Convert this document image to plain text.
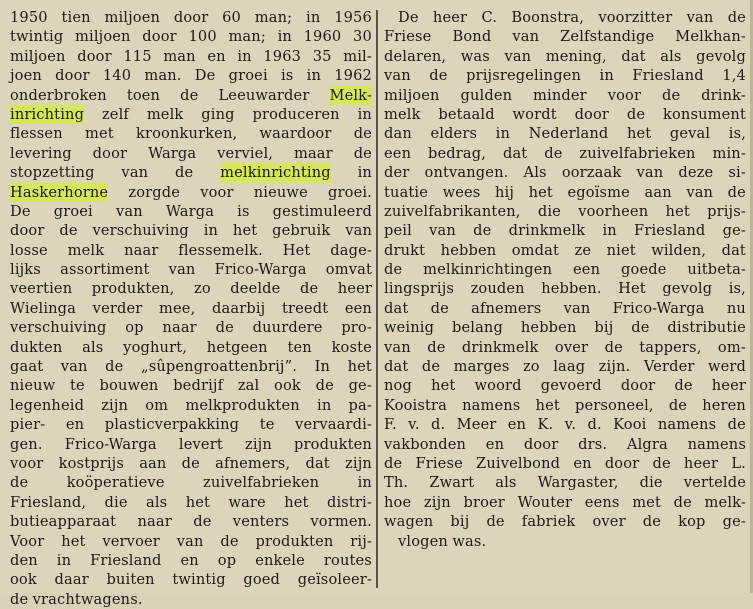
1950 tien miljoen door 60 man; in 1956
twintig miljoen door 100 man; in 1960 30
miljoen door 115 man en in 1963 35 mil-
joen door 140 man. De groei is in 1962
onderbroken toen de Leeuwarder Melk-
inrichting zelf melk ging produceren in
flessen met kroonkurken, waardoor de
levering door Warga verviel, maar de
stopzetting van de melkinrichting in
Haskerhorne zorgde voor nieuwe groei.
De groei van Warga is gestimuleerd
door de verschuiving in het gebruik van
losse melk naar flessemelk. Het dage-
lijks assortiment van Frico-Warga omvat
veertien produkten, zo deelde de heer
Wielinga verder mee, daarbij treedt een
verschuiving op naar de duurdere pro-
dukten als yoghurt, hetgeen ten koste
gaat van de „sûpengroattenbrij”. In het
nieuw te bouwen bedrijf zal ook de ge-
legenheid zijn om melkprodukten in pa-
pier- en plasticverpakking te vervaardi-
gen. Frico-Warga levert zijn produkten
voor kostprijs aan de afnemers, dat zijn
de	koöperatieve	zuivelfabrieken	in
Friesland, die als het ware het distri-
butieapparaat naar de venters vormen.
Voor het vervoer van de produkten rij-
den in Friesland en op enkele routes
ook daar buiten twintig goed geïsoleer-
de vrachtwagens.
De heer C. Boonstra, voorzitter van de
Friese Bond van Zelfstandige Melkhan-
delaren, was van mening, dat als gevolg
van de prijsregelingen in Friesland 1,4
miljoen gulden minder voor de drink-
melk betaald wordt door de konsument
dan elders in Nederland het geval is,
een bedrag, dat de zuivelfabrieken min-
der ontvangen. Als oorzaak van deze si-
tuatie wees hij het egoïsme aan van de
zuivelfabrikanten, die voorheen het prijs-
peil van de drinkmelk in Friesland ge-
drukt hebben omdat ze niet wilden, dat
de melkinrichtingen een goede uitbeta-
lingsprijs zouden hebben. Het gevolg is,
dat de afnemers van Frico-Warga nu
weinig belang hebben bij de distributie
van de drinkmelk over de tappers, om-
dat de marges zo laag zijn. Verder werd
nog het woord gevoerd door de heer
Kooistra namens het personeel, de heren
F. v. d. Meer en K. v. d. Kooi namens de
vakbonden en door drs. Algra namens
de Friese Zuivelbond en door de heer L.
Th. Zwart als Wargaster, die vertelde
hoe zijn broer Wouter eens met de melk-
wagen bij de fabriek over de kop ge-
vlogen was.
